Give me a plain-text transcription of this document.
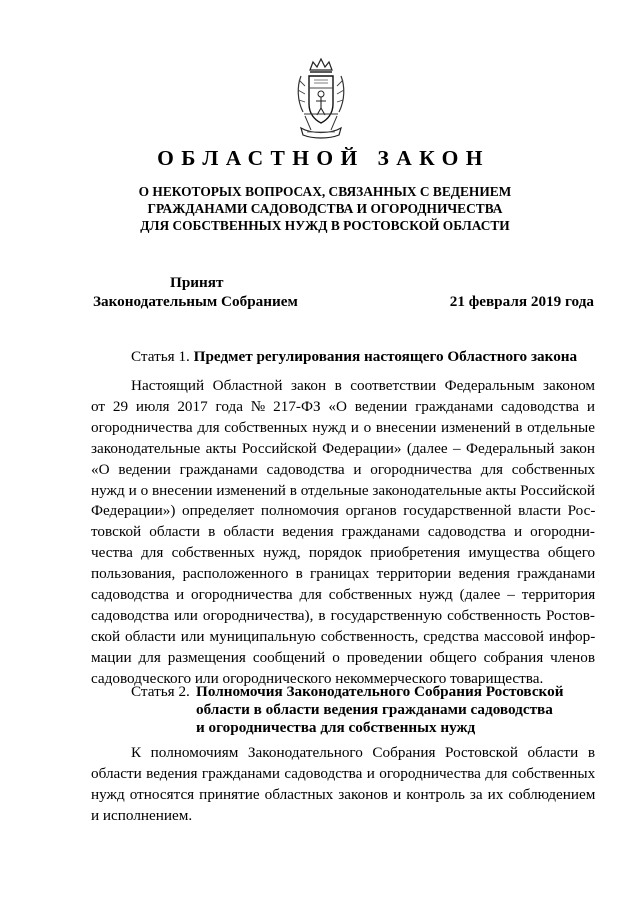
ОБЛАСТНОЙ ЗАКОН
О НЕКОТОРЫХ ВОПРОСАХ, СВЯЗАННЫХ С ВЕДЕНИЕМ
ГРАЖДАНАМИ САДОВОДСТВА И ОГОРОДНИЧЕСТВА
ДЛЯ СОБСТВЕННЫХ НУЖД В РОСТОВСКОЙ ОБЛАСТИ
Принят
Законодательным Собранием	21 февраля 2019 года
Статья 1. Предмет регулирования настоящего Областного закона
Настоящий Областной закон в соответствии Федеральным законом
от 29 июля 2017 года № 217-ФЗ «О ведении гражданами садоводства и
огородничества для собственных нужд и о внесении изменений в отдельные
законодательные акты Российской Федерации» (далее – Федеральный закон
«О ведении гражданами садоводства и огородничества для собственных
нужд и о внесении изменений в отдельные законодательные акты Российской
Федерации») определяет полномочия органов государственной власти Рос-
товской области в области ведения гражданами садоводства и огородни-
чества для собственных нужд, порядок приобретения имущества общего
пользования, расположенного в границах территории ведения гражданами
садоводства и огородничества для собственных нужд (далее – территория
садоводства или огородничества), в государственную собственность Ростов-
ской области или муниципальную собственность, средства массовой инфор-
мации для размещения сообщений о проведении общего собрания членов
садоводческого или огороднического некоммерческого товарищества.
Статья 2. Полномочия Законодательного Собрания Ростовской
области в области ведения гражданами садоводства
и огородничества для собственных нужд
К полномочиям Законодательного Собрания Ростовской области в
области ведения гражданами садоводства и огородничества для собственных
нужд относятся принятие областных законов и контроль за их соблюдением
и исполнением.
